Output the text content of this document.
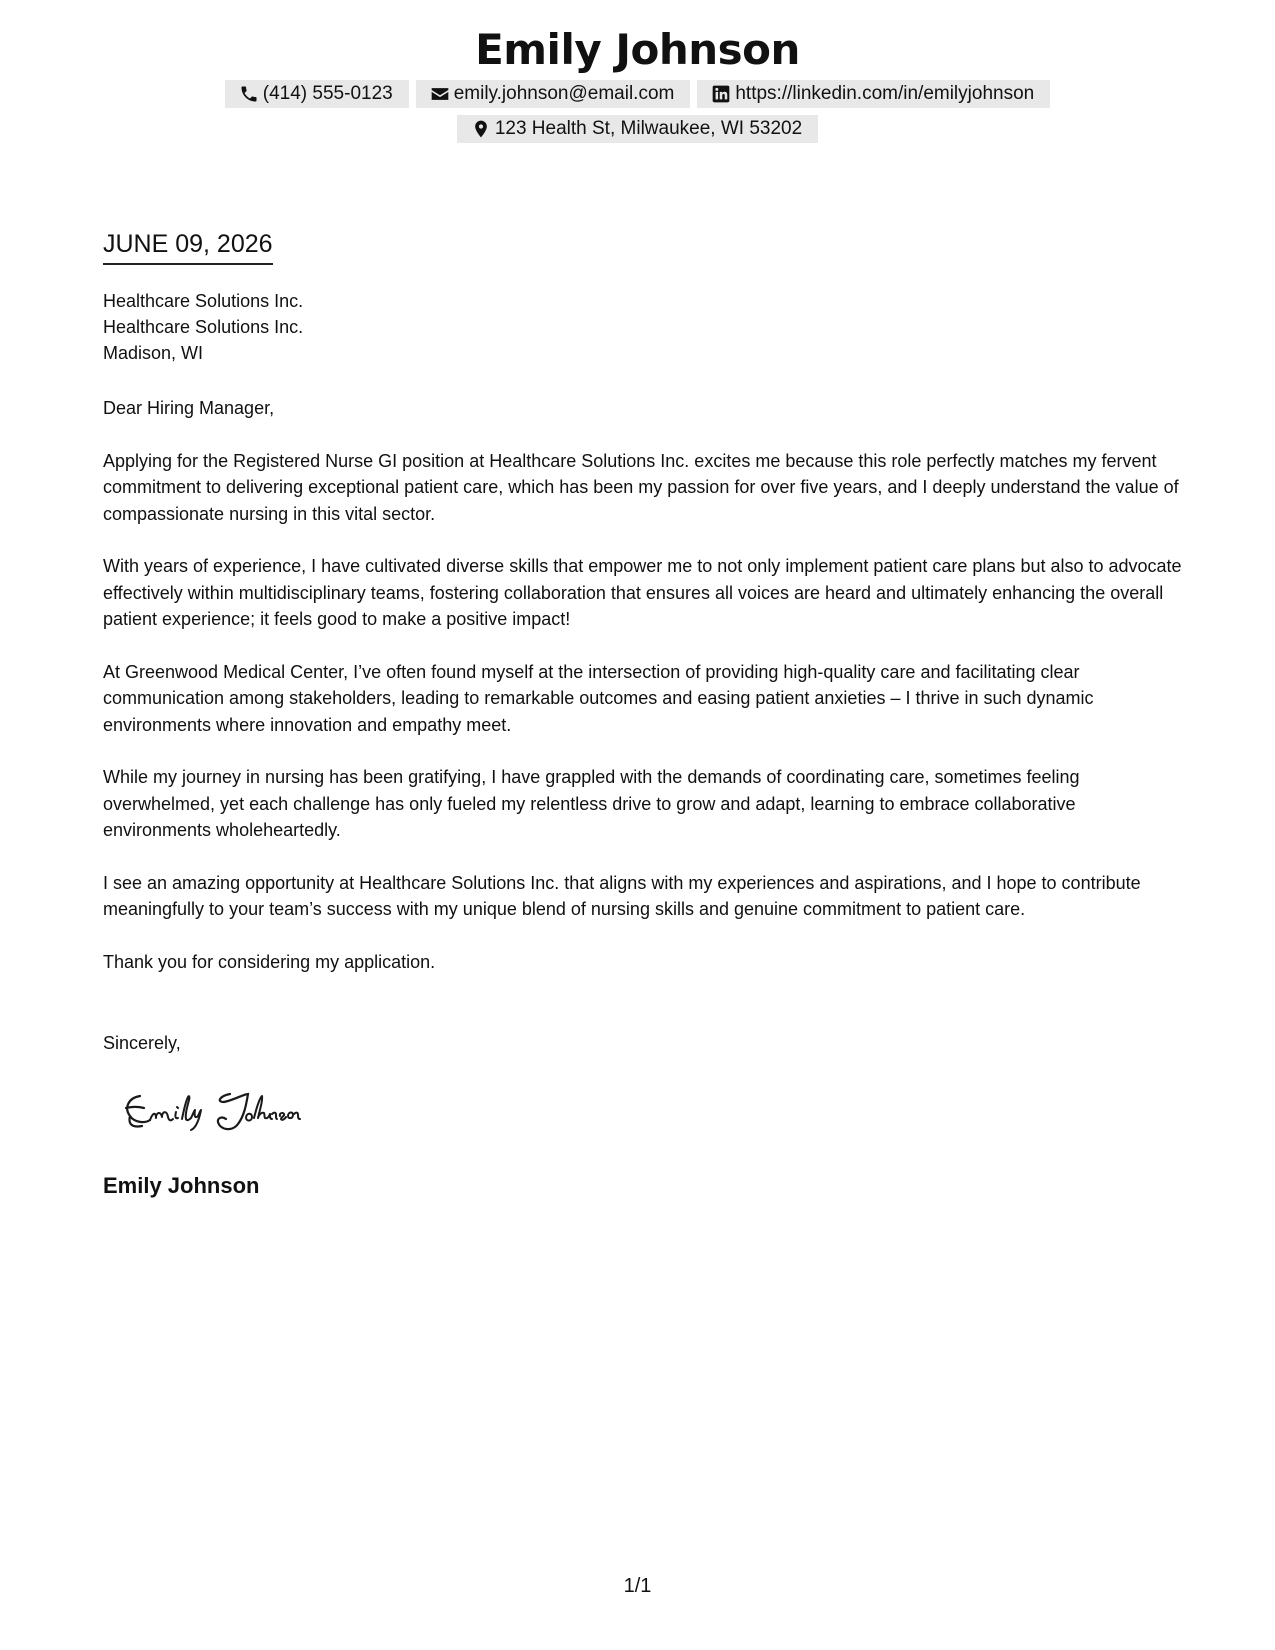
Emily Johnson
(414) 555-0123	emily.johnson@email.com	https://linkedin.com/in/emilyjohnson
123 Health St, Milwaukee, WI 53202
JUNE 09, 2026
Healthcare Solutions Inc.
Healthcare Solutions Inc.
Madison, WI

Dear Hiring Manager,

Applying for the Registered Nurse GI position at Healthcare Solutions Inc. excites me because this role perfectly matches my fervent commitment to delivering exceptional patient care, which has been my passion for over five years, and I deeply understand the value of compassionate nursing in this vital sector.

With years of experience, I have cultivated diverse skills that empower me to not only implement patient care plans but also to advocate effectively within multidisciplinary teams, fostering collaboration that ensures all voices are heard and ultimately enhancing the overall patient experience; it feels good to make a positive impact!

At Greenwood Medical Center, I’ve often found myself at the intersection of providing high-quality care and facilitating clear communication among stakeholders, leading to remarkable outcomes and easing patient anxieties – I thrive in such dynamic environments where innovation and empathy meet.

While my journey in nursing has been gratifying, I have grappled with the demands of coordinating care, sometimes feeling overwhelmed, yet each challenge has only fueled my relentless drive to grow and adapt, learning to embrace collaborative environments wholeheartedly.

I see an amazing opportunity at Healthcare Solutions Inc. that aligns with my experiences and aspirations, and I hope to contribute meaningfully to your team’s success with my unique blend of nursing skills and genuine commitment to patient care.

Thank you for considering my application.

Sincerely,
Emily Johnson
1/1
